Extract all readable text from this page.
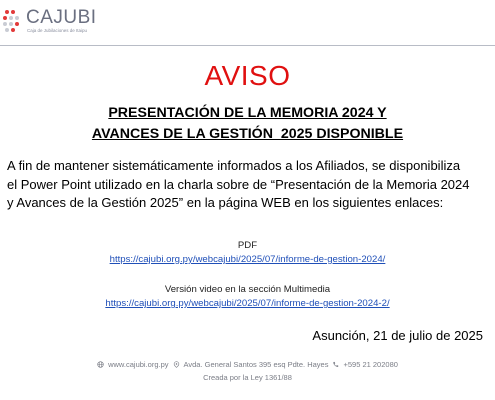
CAJUBI
Caja de Jubilaciones de Itaipu
AVISO
PRESENTACIÓN DE LA MEMORIA 2024 Y
AVANCES DE LA GESTIÓN  2025 DISPONIBLE
A fin de mantener sistemáticamente informados a los Afiliados, se disponibiliza
el Power Point utilizado en la charla sobre de “Presentación de la Memoria 2024
y Avances de la Gestión 2025” en la página WEB en los siguientes enlaces:
PDF
https://cajubi.org.py/webcajubi/2025/07/informe-de-gestion-2024/
Versión video en la sección Multimedia
https://cajubi.org.py/webcajubi/2025/07/informe-de-gestion-2024-2/
Asunción, 21 de julio de 2025
www.cajubi.org.py Avda. General Santos 395 esq Pdte. Hayes +595 21 202080
Creada por la Ley 1361/88
